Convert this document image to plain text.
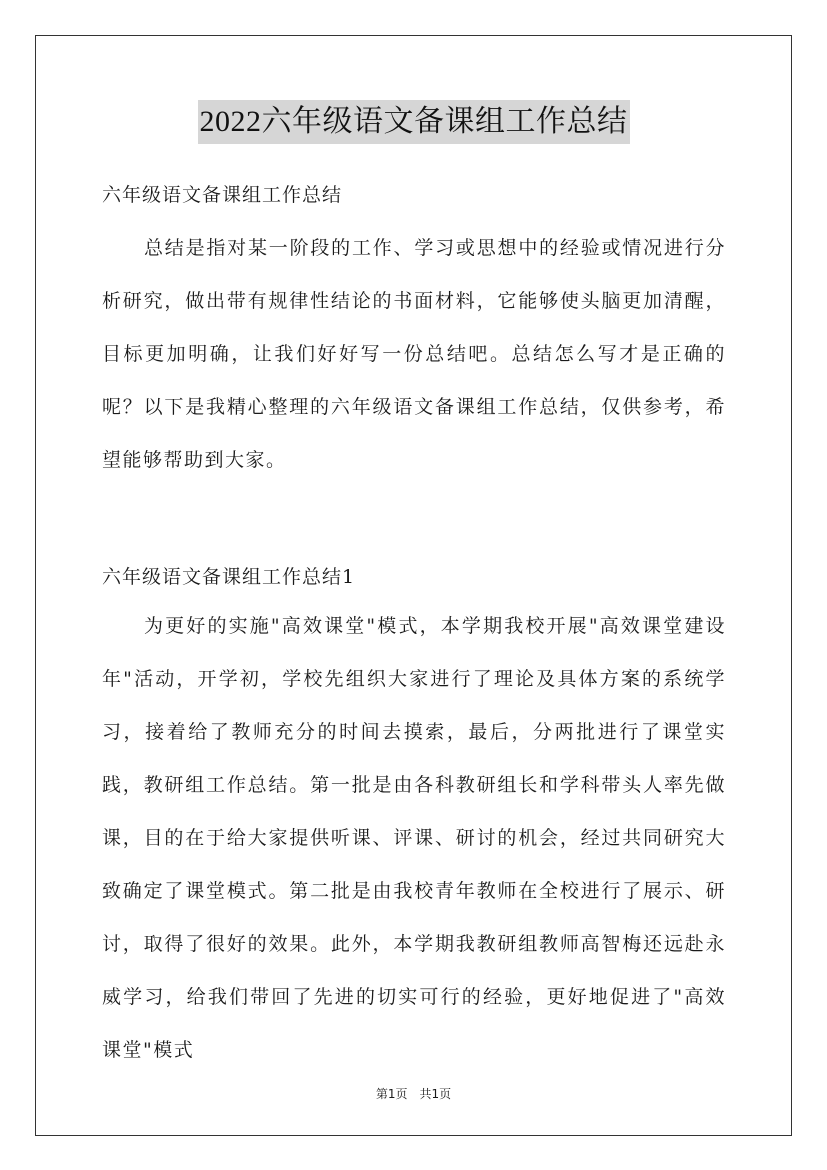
2022六年级语文备课组工作总结
六年级语文备课组工作总结
总结是指对某一阶段的工作、学习或思想中的经验或情况进行分析研究，做出带有规律性结论的书面材料，它能够使头脑更加清醒，目标更加明确，让我们好好写一份总结吧。总结怎么写才是正确的呢？以下是我精心整理的六年级语文备课组工作总结，仅供参考，希望能够帮助到大家。
六年级语文备课组工作总结1
为更好的实施"高效课堂"模式，本学期我校开展"高效课堂建设年"活动，开学初，学校先组织大家进行了理论及具体方案的系统学习，接着给了教师充分的时间去摸索，最后，分两批进行了课堂实践，教研组工作总结。第一批是由各科教研组长和学科带头人率先做课，目的在于给大家提供听课、评课、研讨的机会，经过共同研究大致确定了课堂模式。第二批是由我校青年教师在全校进行了展示、研讨，取得了很好的效果。此外，本学期我教研组教师高智梅还远赴永威学习，给我们带回了先进的切实可行的经验，更好地促进了"高效课堂"模式
第1页 共1页
